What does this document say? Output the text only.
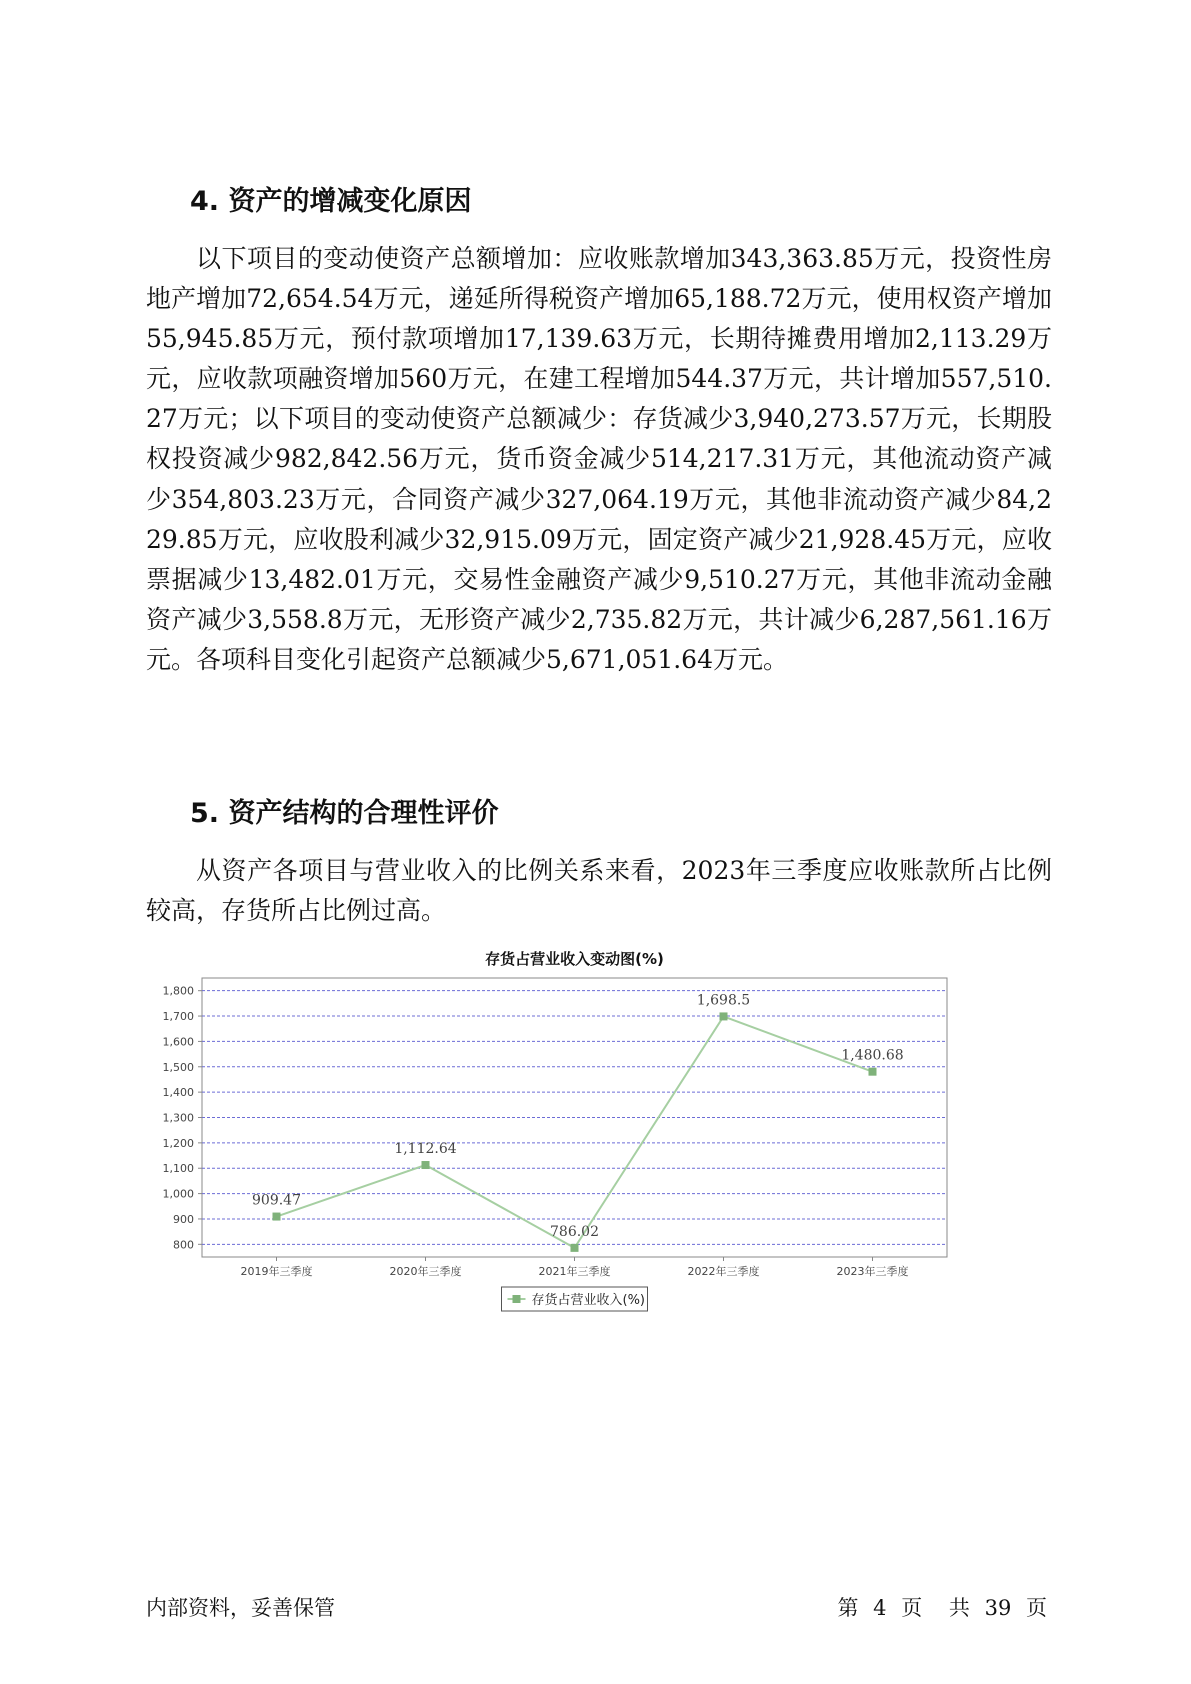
4. 资产的增减变化原因

以下项目的变动使资产总额增加：应收账款增加343,363.85万元，投资性房地产增加72,654.54万元，递延所得税资产增加65,188.72万元，使用权资产增加55,945.85万元，预付款项增加17,139.63万元，长期待摊费用增加2,113.29万元，应收款项融资增加560万元，在建工程增加544.37万元，共计增加557,510.27万元；以下项目的变动使资产总额减少：存货减少3,940,273.57万元，长期股权投资减少982,842.56万元，货币资金减少514,217.31万元，其他流动资产减少354,803.23万元，合同资产减少327,064.19万元，其他非流动资产减少84,229.85万元，应收股利减少32,915.09万元，固定资产减少21,928.45万元，应收票据减少13,482.01万元，交易性金融资产减少9,510.27万元，其他非流动金融资产减少3,558.8万元，无形资产减少2,735.82万元，共计减少6,287,561.16万元。各项科目变化引起资产总额减少5,671,051.64万元。

5. 资产结构的合理性评价

从资产各项目与营业收入的比例关系来看，2023年三季度应收账款所占比例较高，存货所占比例过高。

存货占营业收入变动图(%)
800
900
1,000
1,100
1,200
1,300
1,400
1,500
1,600
1,700
1,800
2019年三季度	2020年三季度	2021年三季度	2022年三季度	2023年三季度
909.47
1,112.64
786.02
1,698.5
1,480.68
存货占营业收入(%)

内部资料，妥善保管	第 4 页 共 39 页
